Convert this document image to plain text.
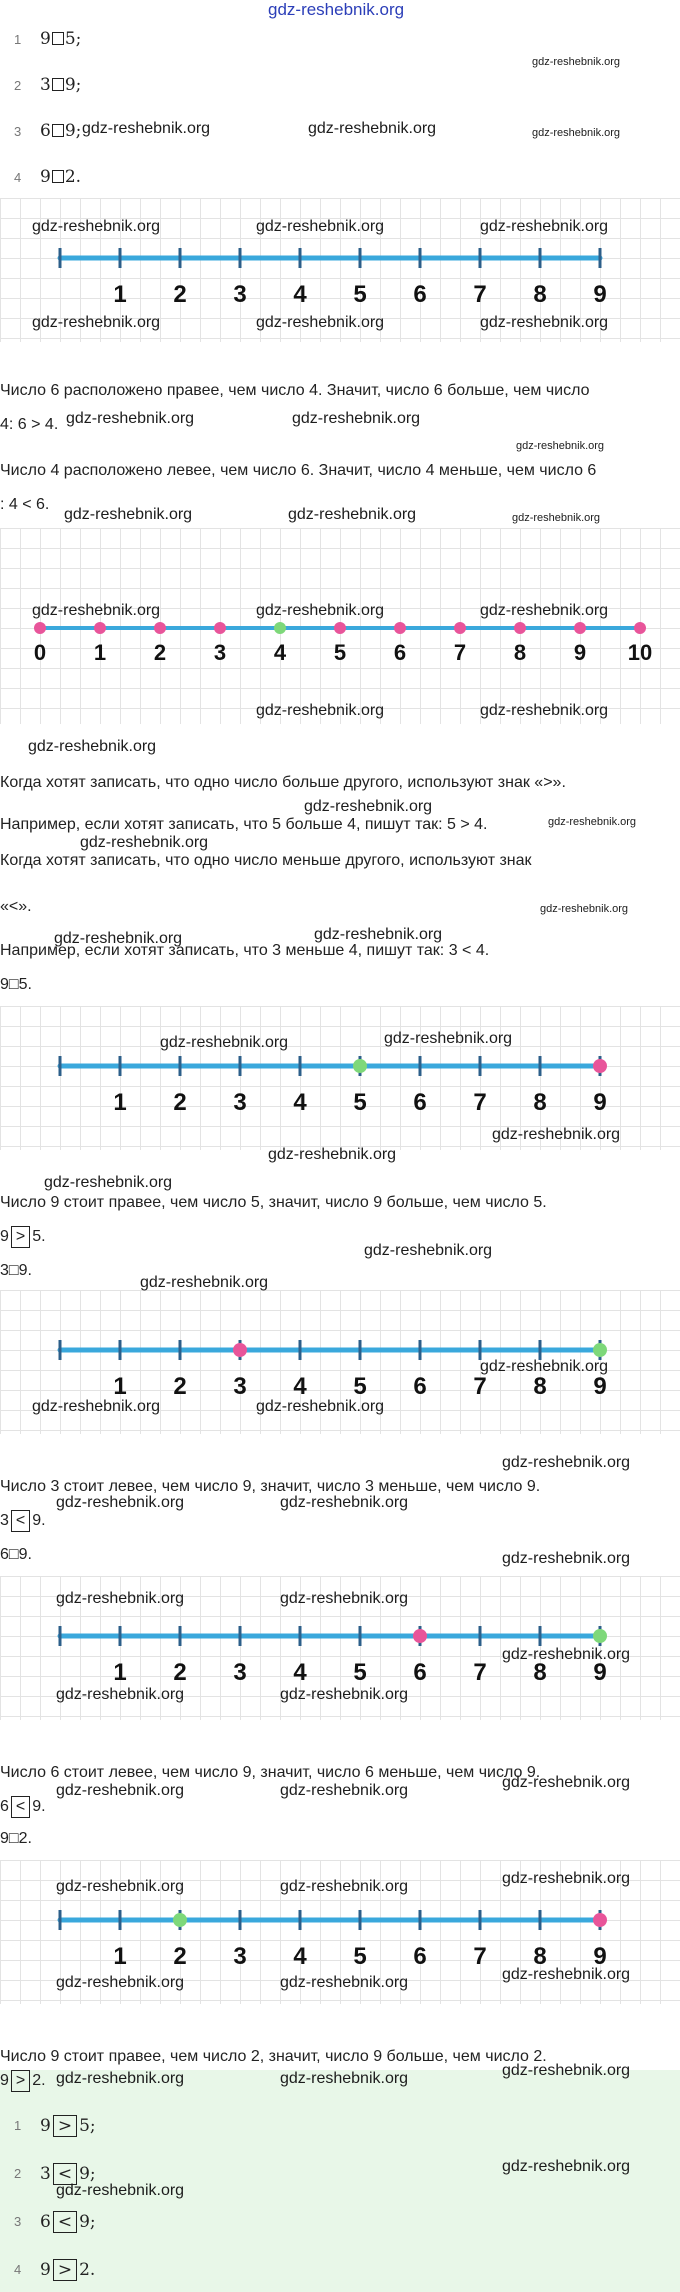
gdz-reshebnik.org
1 9 5;
2 3 9;
3 6 9;
4 9 2.
1 2 3 4 5 6 7 8 9
Число 6 расположено правее, чем число 4. Значит, число 6 больше, чем число
4: 6 > 4.
Число 4 расположено левее, чем число 6. Значит, число 4 меньше, чем число 6
: 4 < 6.
0 1 2 3 4 5 6 7 8 9 10
Когда хотят записать, что одно число больше другого, используют знак «>».
Например, если хотят записать, что 5 больше 4, пишут так: 5 > 4.
Когда хотят записать, что одно число меньше другого, используют знак
«<».
Например, если хотят записать, что 3 меньше 4, пишут так: 3 < 4.
9□5.
1 2 3 4 5 6 7 8 9
Число 9 стоит правее, чем число 5, значит, число 9 больше, чем число 5.
9 > 5.
3□9.
1 2 3 4 5 6 7 8 9
Число 3 стоит левее, чем число 9, значит, число 3 меньше, чем число 9.
3 < 9.
6□9.
1 2 3 4 5 6 7 8 9
Число 6 стоит левее, чем число 9, значит, число 6 меньше, чем число 9.
6 < 9.
9□2.
1 2 3 4 5 6 7 8 9
Число 9 стоит правее, чем число 2, значит, число 9 больше, чем число 2.
9 > 2.
1 9 > 5;
2 3 < 9;
3 6 < 9;
4 9 > 2.
gdz-reshebnik.org
gdz-reshebnik.org	gdz-reshebnik.org	gdz-reshebnik.org
gdz-reshebnik.org	gdz-reshebnik.org	gdz-reshebnik.org
gdz-reshebnik.org	gdz-reshebnik.org	gdz-reshebnik.org
gdz-reshebnik.org	gdz-reshebnik.org
gdz-reshebnik.org
gdz-reshebnik.org	gdz-reshebnik.org	gdz-reshebnik.org
gdz-reshebnik.org	gdz-reshebnik.org	gdz-reshebnik.org
gdz-reshebnik.org	gdz-reshebnik.org
gdz-reshebnik.org
gdz-reshebnik.org
gdz-reshebnik.org
gdz-reshebnik.org
gdz-reshebnik.org
gdz-reshebnik.org	gdz-reshebnik.org
gdz-reshebnik.org	gdz-reshebnik.org
gdz-reshebnik.org
gdz-reshebnik.org
gdz-reshebnik.org
gdz-reshebnik.org
gdz-reshebnik.org
gdz-reshebnik.org
gdz-reshebnik.org	gdz-reshebnik.org
gdz-reshebnik.org
gdz-reshebnik.org	gdz-reshebnik.org
gdz-reshebnik.org
gdz-reshebnik.org	gdz-reshebnik.org
gdz-reshebnik.org
gdz-reshebnik.org	gdz-reshebnik.org
gdz-reshebnik.org
gdz-reshebnik.org	gdz-reshebnik.org
gdz-reshebnik.org
gdz-reshebnik.org	gdz-reshebnik.org
gdz-reshebnik.org
gdz-reshebnik.org	gdz-reshebnik.org
gdz-reshebnik.org
gdz-reshebnik.org	gdz-reshebnik.org
gdz-reshebnik.org
gdz-reshebnik.org
